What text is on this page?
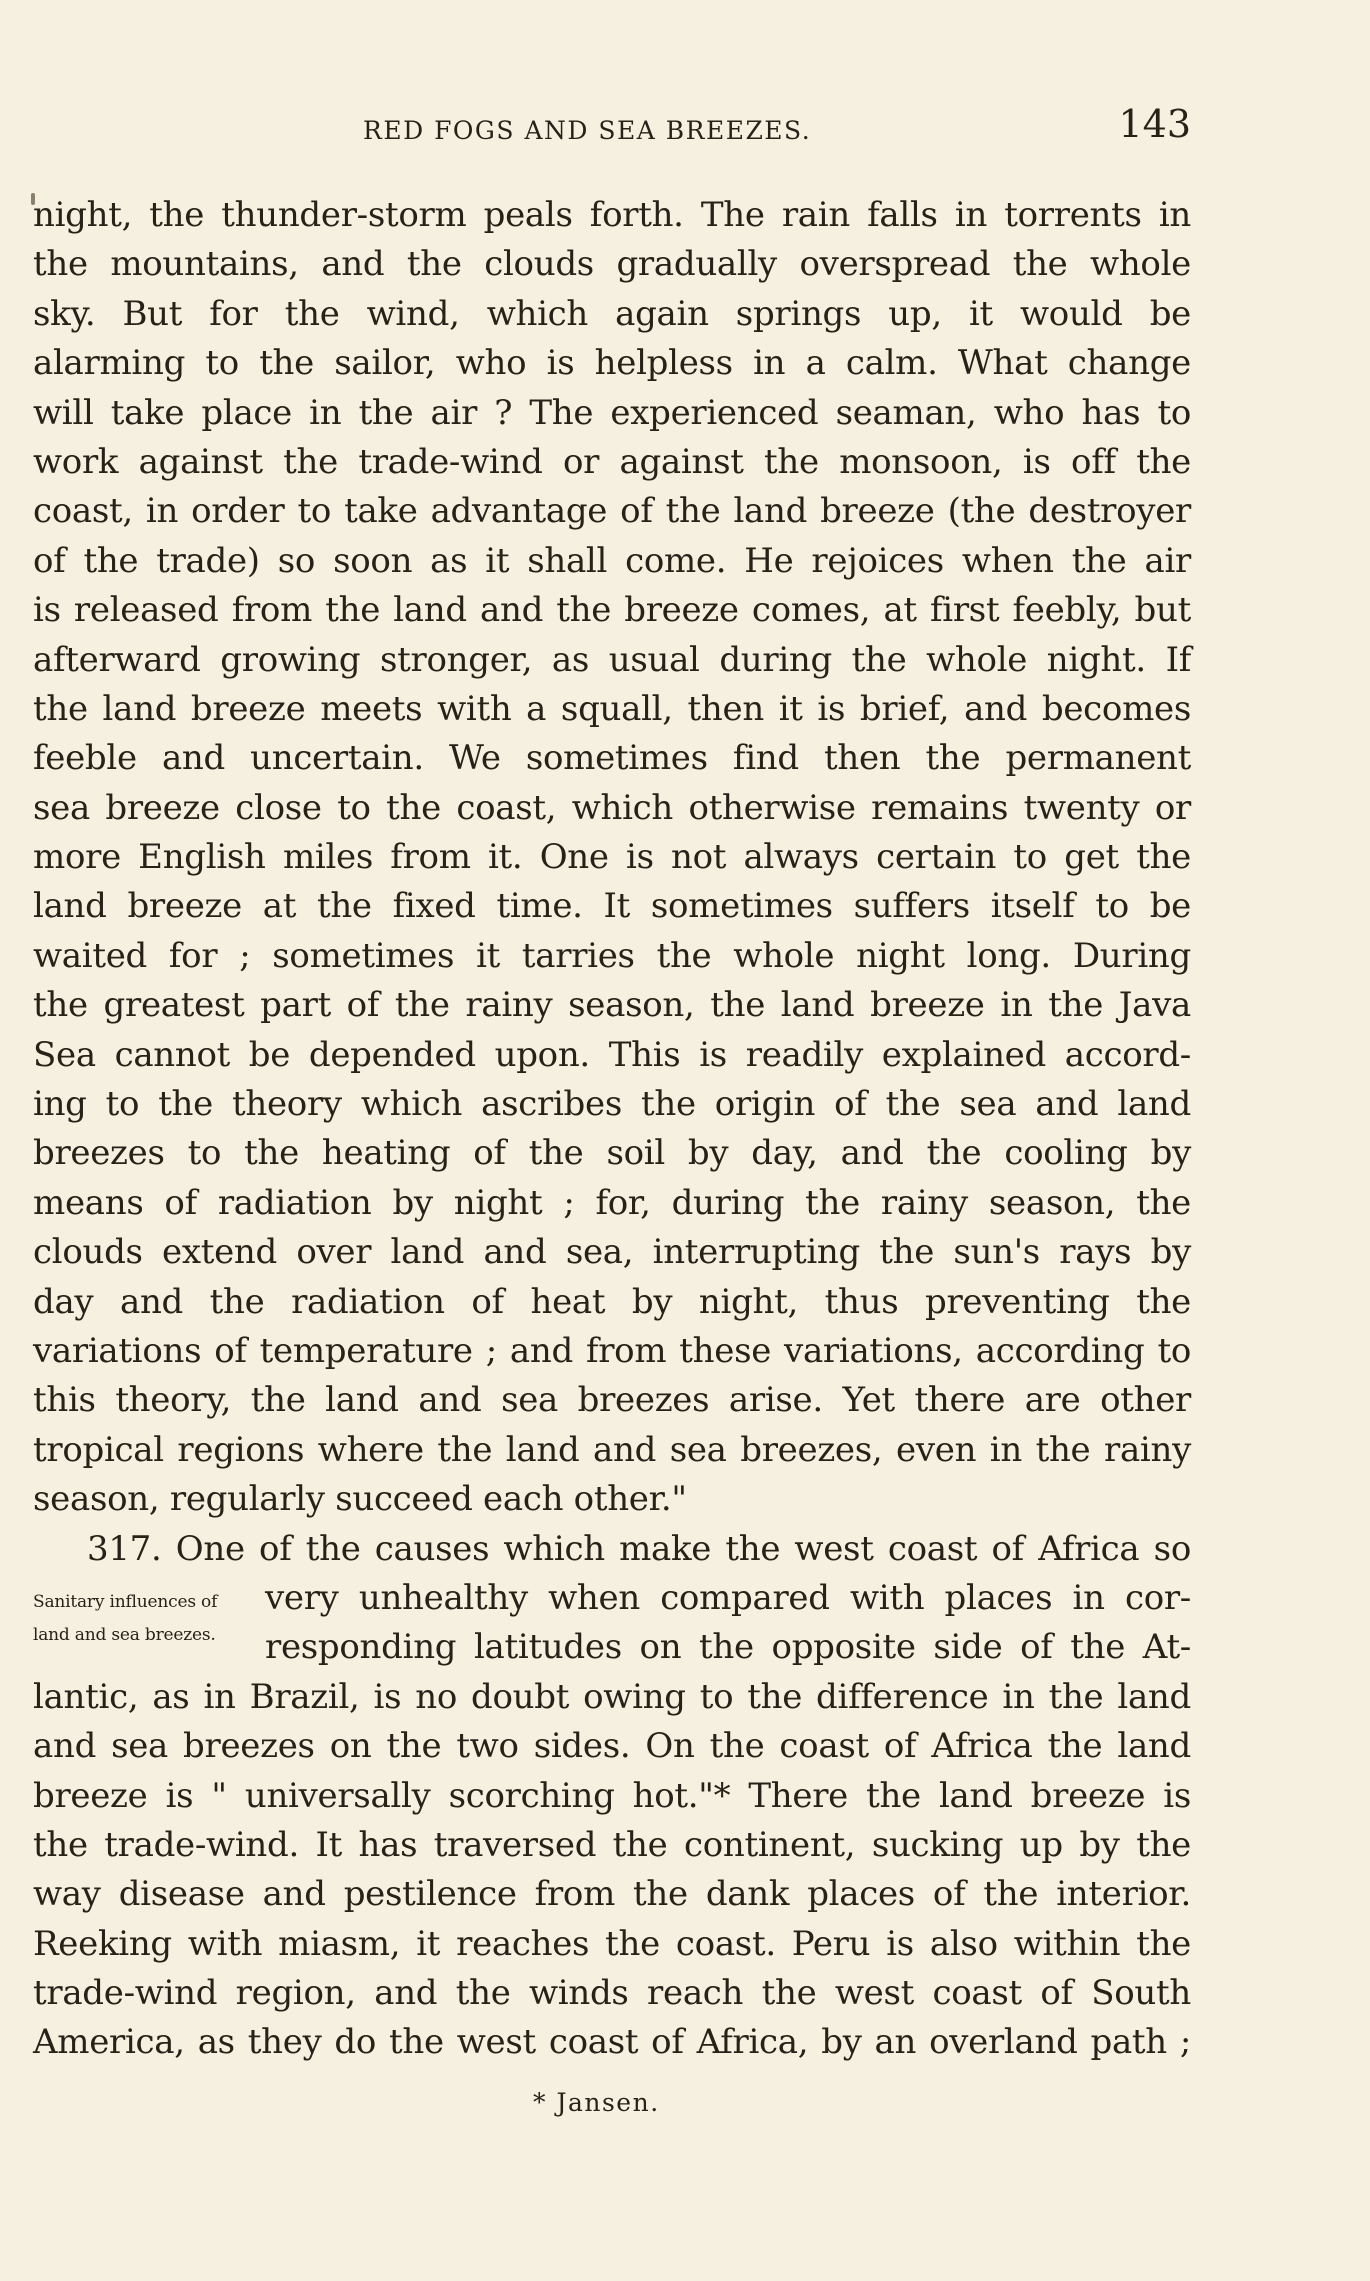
RED FOGS AND SEA BREEZES.	143
night, the thunder-storm peals forth. The rain falls in torrents in
the mountains, and the clouds gradually overspread the whole
sky. But for the wind, which again springs up, it would be
alarming to the sailor, who is helpless in a calm. What change
will take place in the air ? The experienced seaman, who has to
work against the trade-wind or against the monsoon, is off the
coast, in order to take advantage of the land breeze (the destroyer
of the trade) so soon as it shall come. He rejoices when the air
is released from the land and the breeze comes, at first feebly, but
afterward growing stronger, as usual during the whole night. If
the land breeze meets with a squall, then it is brief, and becomes
feeble and uncertain. We sometimes find then the permanent
sea breeze close to the coast, which otherwise remains twenty or
more English miles from it. One is not always certain to get the
land breeze at the fixed time. It sometimes suffers itself to be
waited for ; sometimes it tarries the whole night long. During
the greatest part of the rainy season, the land breeze in the Java
Sea cannot be depended upon. This is readily explained accord-
ing to the theory which ascribes the origin of the sea and land
breezes to the heating of the soil by day, and the cooling by
means of radiation by night ; for, during the rainy season, the
clouds extend over land and sea, interrupting the sun's rays by
day and the radiation of heat by night, thus preventing the
variations of temperature ; and from these variations, according to
this theory, the land and sea breezes arise. Yet there are other
tropical regions where the land and sea breezes, even in the rainy
season, regularly succeed each other."
317. One of the causes which make the west coast of Africa so
very unhealthy when compared with places in cor-
responding latitudes on the opposite side of the At-
lantic, as in Brazil, is no doubt owing to the difference in the land
and sea breezes on the two sides. On the coast of Africa the land
breeze is " universally scorching hot."* There the land breeze is
the trade-wind. It has traversed the continent, sucking up by the
way disease and pestilence from the dank places of the interior.
Reeking with miasm, it reaches the coast. Peru is also within the
trade-wind region, and the winds reach the west coast of South
America, as they do the west coast of Africa, by an overland path ;
Sanitary influences of
land and sea breezes.
* Jansen.
